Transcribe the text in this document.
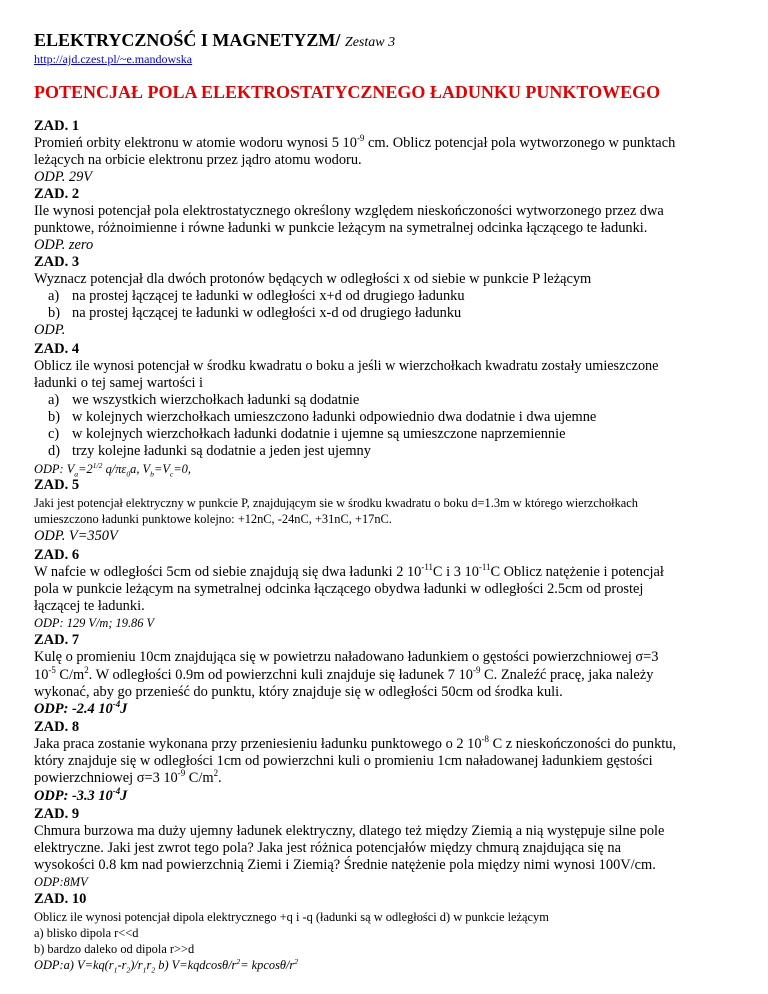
ELEKTRYCZNOŚĆ I MAGNETYZM/ Zestaw 3
http://ajd.czest.pl/~e.mandowska
POTENCJAŁ POLA ELEKTROSTATYCZNEGO ŁADUNKU PUNKTOWEGO
ZAD. 1
Promień orbity elektronu w atomie wodoru wynosi 5 $10^{-9}$ cm. Oblicz potencjał pola wytworzonego w punktach
leżących na orbicie elektronu przez jądro atomu wodoru.
ODP. 29V
ZAD. 2
Ile wynosi potencjał pola elektrostatycznego określony względem nieskończoności wytworzonego przez dwa
punktowe, różnoimienne i równe ładunki w punkcie leżącym na symetralnej odcinka łączącego te ładunki.
ODP. zero
ZAD. 3
Wyznacz potencjał dla dwóch protonów będących w odległości x od siebie w punkcie P leżącym
a) na prostej łączącej te ładunki w odległości x+d od drugiego ładunku
b) na prostej łączącej te ładunki w odległości x-d od drugiego ładunku
ODP.
ZAD. 4
Oblicz ile wynosi potencjał w środku kwadratu o boku a jeśli w wierzchołkach kwadratu zostały umieszczone
ładunki o tej samej wartości i
a) we wszystkich wierzchołkach ładunki są dodatnie
b) w kolejnych wierzchołkach umieszczono ładunki odpowiednio dwa dodatnie i dwa ujemne
c) w kolejnych wierzchołkach ładunki dodatnie i ujemne są umieszczone naprzemiennie
d) trzy kolejne ładunki są dodatnie a jeden jest ujemny
ODP: $V_a=2^{1/2}$ $q/\pi\varepsilon_0a$, $V_b=V_c=0$,
ZAD. 5
Jaki jest potencjał elektryczny w punkcie P, znajdującym sie w środku kwadratu o boku d=1.3m w którego wierzchołkach
umieszczono ładunki punktowe kolejno: +12nC, -24nC, +31nC, +17nC.
ODP. V=350V
ZAD. 6
W nafcie w odległości 5cm od siebie znajdują się dwa ładunki 2 $10^{-11}C$ i 3 $10^{-11}C$ Oblicz natężenie i potencjał
pola w punkcie leżącym na symetralnej odcinka łączącego obydwa ładunki w odległości 2.5cm od prostej
łączącej te ładunki.
ODP: 129 V/m; 19.86 V
ZAD. 7
Kulę o promieniu 10cm znajdująca się w powietrzu naładowano ładunkiem o gęstości powierzchniowej σ=3
$10^{-5}$ $C/m^2$. W odległości 0.9m od powierzchni kuli znajduje się ładunek 7 $10^{-9}$ C. Znaleźć pracę, jaka należy
wykonać, aby go przenieść do punktu, który znajduje się w odległości 50cm od środka kuli.
ODP: -2.4 $10^{-4}J$
ZAD. 8
Jaka praca zostanie wykonana przy przeniesieniu ładunku punktowego o 2 $10^{-8}$ C z nieskończoności do punktu,
który znajduje się w odległości 1cm od powierzchni kuli o promieniu 1cm naładowanej ładunkiem gęstości
powierzchniowej σ=3 $10^{-9}$ $C/m^2$.
ODP: -3.3 $10^{-4}J$
ZAD. 9
Chmura burzowa ma duży ujemny ładunek elektryczny, dlatego też między Ziemią a nią występuje silne pole
elektryczne. Jaki jest zwrot tego pola? Jaka jest różnica potencjałów między chmurą znajdująca się na
wysokości 0.8 km nad powierzchnią Ziemi i Ziemią? Średnie natężenie pola między nimi wynosi 100V/cm.
ODP:8MV
ZAD. 10
Oblicz ile wynosi potencjał dipola elektrycznego +q i -q (ładunki są w odległości d) w punkcie leżącym
a) blisko dipola r<<d
b) bardzo daleko od dipola r>>d
ODP:a) $V=kq(r_1-r_2)/r_1r_2$ b) $V=kqdcos\theta/r^2= kpcos\theta/r^2$
